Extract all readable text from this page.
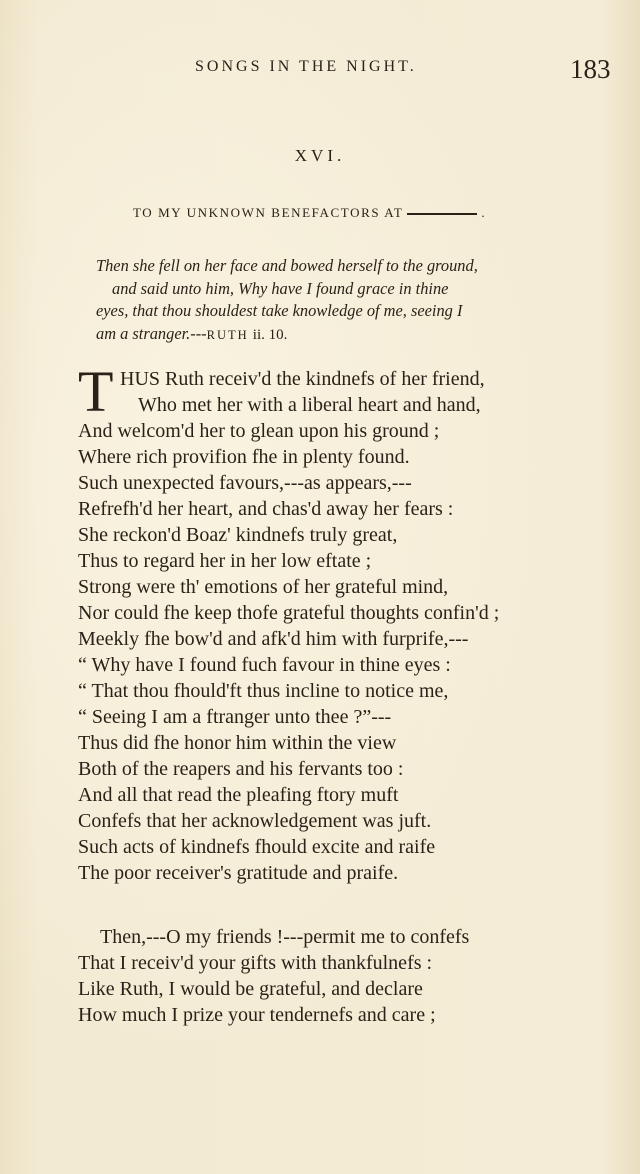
SONGS IN THE NIGHT.	183
XVI.
TO MY UNKNOWN BENEFACTORS AT	.
Then she fell on her face and bowed herself to the ground,
and said unto him, Why have I found grace in thine
eyes, that thou shouldest take knowledge of me, seeing I
am a stranger.---RUTH ii. 10.
T HUS Ruth receiv'd the kindnefs of her friend,
Who met her with a liberal heart and hand,
And welcom'd her to glean upon his ground ;
Where rich provifion fhe in plenty found.
Such unexpected favours,---as appears,---
Refrefh'd her heart, and chas'd away her fears :
She reckon'd Boaz' kindnefs truly great,
Thus to regard her in her low eftate ;
Strong were th' emotions of her grateful mind,
Nor could fhe keep thofe grateful thoughts confin'd ;
Meekly fhe bow'd and afk'd him with furprife,---
“ Why have I found fuch favour in thine eyes :
“ That thou fhould'ft thus incline to notice me,
“ Seeing I am a ftranger unto thee ?”---
Thus did fhe honor him within the view
Both of the reapers and his fervants too :
And all that read the pleafing ftory muft
Confefs that her acknowledgement was juft.
Such acts of kindnefs fhould excite and raife
The poor receiver's gratitude and praife.
Then,---O my friends !---permit me to confefs
That I receiv'd your gifts with thankfulnefs :
Like Ruth, I would be grateful, and declare
How much I prize your tendernefs and care ;
